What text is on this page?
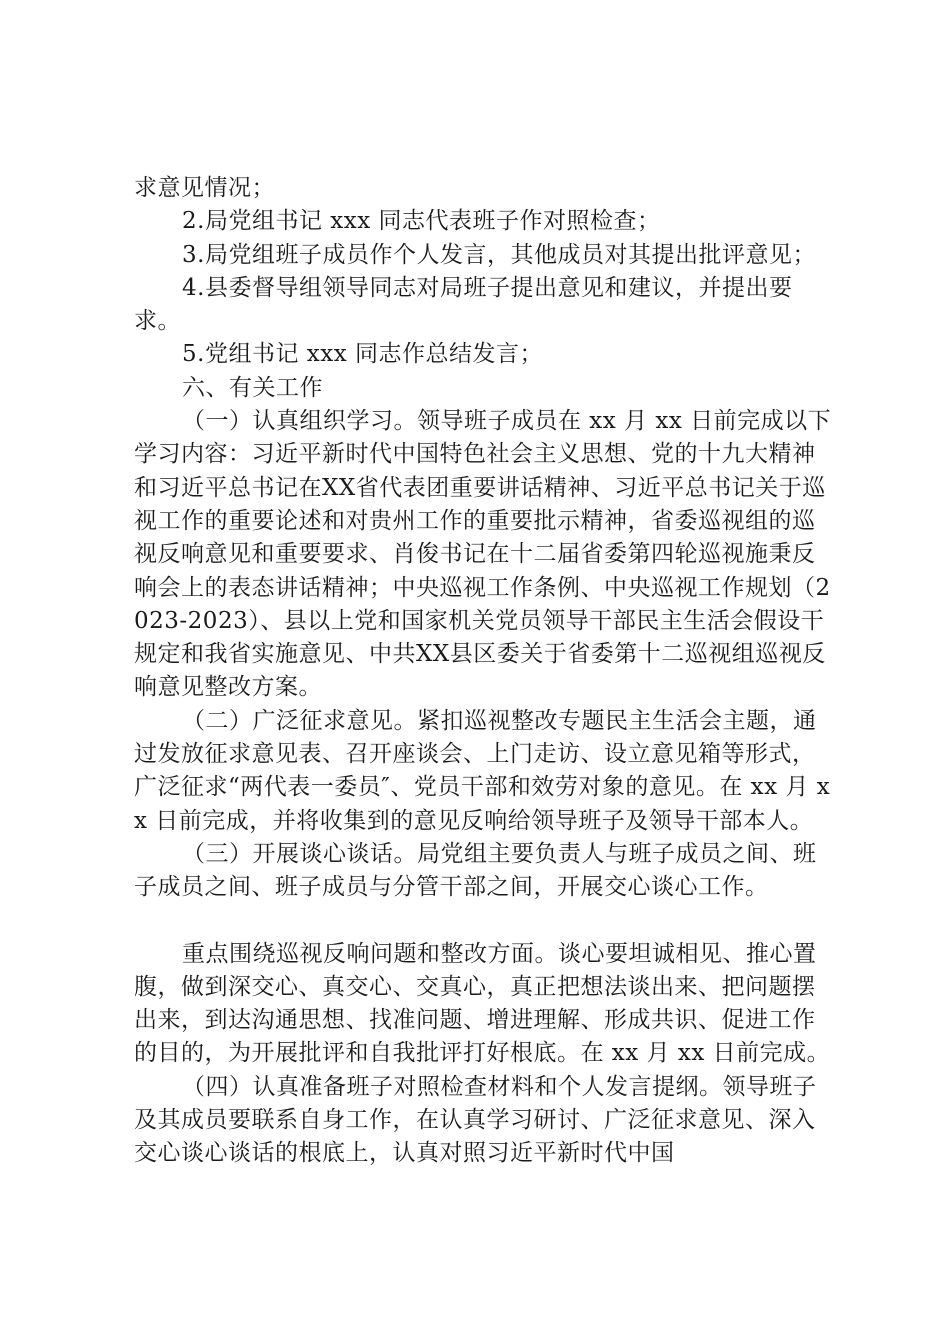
求意见情况；

2.局党组书记 xxx 同志代表班子作对照检查；

3.局党组班子成员作个人发言，其他成员对其提出批评意见；

4.县委督导组领导同志对局班子提出意见和建议，并提出要求。

5.党组书记 xxx 同志作总结发言；

六、有关工作

（一）认真组织学习。领导班子成员在 xx 月 xx 日前完成以下学习内容：习近平新时代中国特色社会主义思想、党的十九大精神和习近平总书记在XX省代表团重要讲话精神、习近平总书记关于巡视工作的重要论述和对贵州工作的重要批示精神，省委巡视组的巡视反响意见和重要要求、肖俊书记在十二届省委第四轮巡视施秉反响会上的表态讲话精神；中央巡视工作条例、中央巡视工作规划（2023-2023）、县以上党和国家机关党员领导干部民主生活会假设干规定和我省实施意见、中共XX县区委关于省委第十二巡视组巡视反响意见整改方案。

（二）广泛征求意见。紧扣巡视整改专题民主生活会主题，通过发放征求意见表、召开座谈会、上门走访、设立意见箱等形式，广泛征求“两代表一委员″、党员干部和效劳对象的意见。在 xx 月 xx 日前完成，并将收集到的意见反响给领导班子及领导干部本人。

（三）开展谈心谈话。局党组主要负责人与班子成员之间、班子成员之间、班子成员与分管干部之间，开展交心谈心工作。

重点围绕巡视反响问题和整改方面。谈心要坦诚相见、推心置腹，做到深交心、真交心、交真心，真正把想法谈出来、把问题摆出来，到达沟通思想、找准问题、增进理解、形成共识、促进工作的目的，为开展批评和自我批评打好根底。在 xx 月 xx 日前完成。

（四）认真准备班子对照检查材料和个人发言提纲。领导班子及其成员要联系自身工作，在认真学习研讨、广泛征求意见、深入交心谈心谈话的根底上，认真对照习近平新时代中国
